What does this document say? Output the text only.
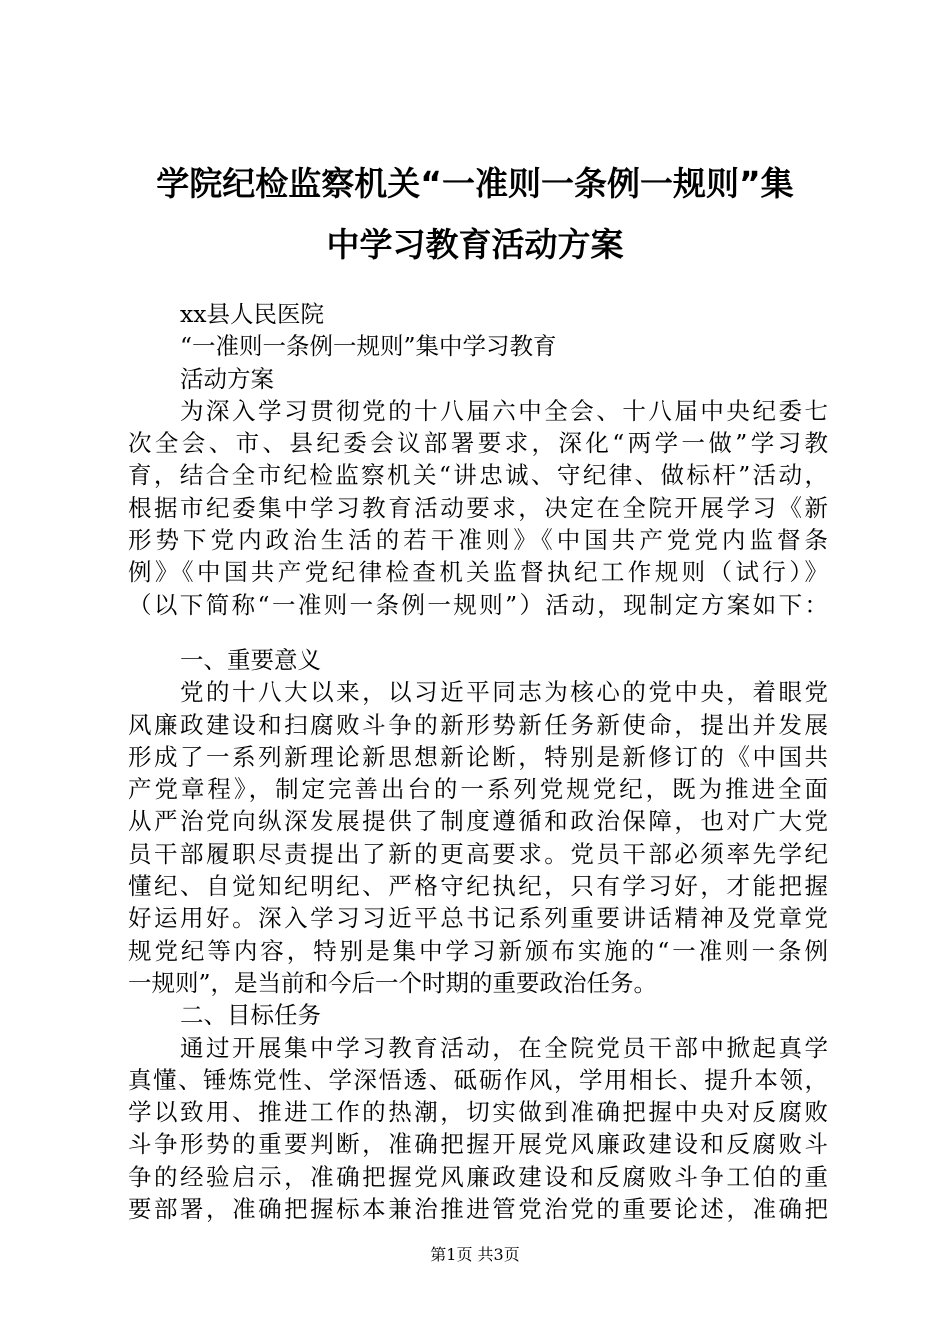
学院纪检监察机关“一准则一条例一规则”集
中学习教育活动方案
xx县人民医院
“一准则一条例一规则”集中学习教育
活动方案
为深入学习贯彻党的十八届六中全会、十八届中央纪委七
次全会、市、县纪委会议部署要求，深化“两学一做”学习教
育，结合全市纪检监察机关“讲忠诚、守纪律、做标杆”活动，
根据市纪委集中学习教育活动要求，决定在全院开展学习《新
形势下党内政治生活的若干准则》《中国共产党党内监督条
例》《中国共产党纪律检查机关监督执纪工作规则（试行）》
（以下简称“一准则一条例一规则”）活动，现制定方案如下：
一、重要意义
党的十八大以来，以习近平同志为核心的党中央，着眼党
风廉政建设和扫腐败斗争的新形势新任务新使命，提出并发展
形成了一系列新理论新思想新论断，特别是新修订的《中国共
产党章程》，制定完善出台的一系列党规党纪，既为推进全面
从严治党向纵深发展提供了制度遵循和政治保障，也对广大党
员干部履职尽责提出了新的更高要求。党员干部必须率先学纪
懂纪、自觉知纪明纪、严格守纪执纪，只有学习好，才能把握
好运用好。深入学习习近平总书记系列重要讲话精神及党章党
规党纪等内容，特别是集中学习新颁布实施的“一准则一条例
一规则”，是当前和今后一个时期的重要政治任务。
二、目标任务
通过开展集中学习教育活动，在全院党员干部中掀起真学
真懂、锤炼党性、学深悟透、砥砺作风，学用相长、提升本领，
学以致用、推进工作的热潮，切实做到准确把握中央对反腐败
斗争形势的重要判断，准确把握开展党风廉政建设和反腐败斗
争的经验启示，准确把握党风廉政建设和反腐败斗争工伯的重
要部署，准确把握标本兼治推进管党治党的重要论述，准确把
第1页 共3页
